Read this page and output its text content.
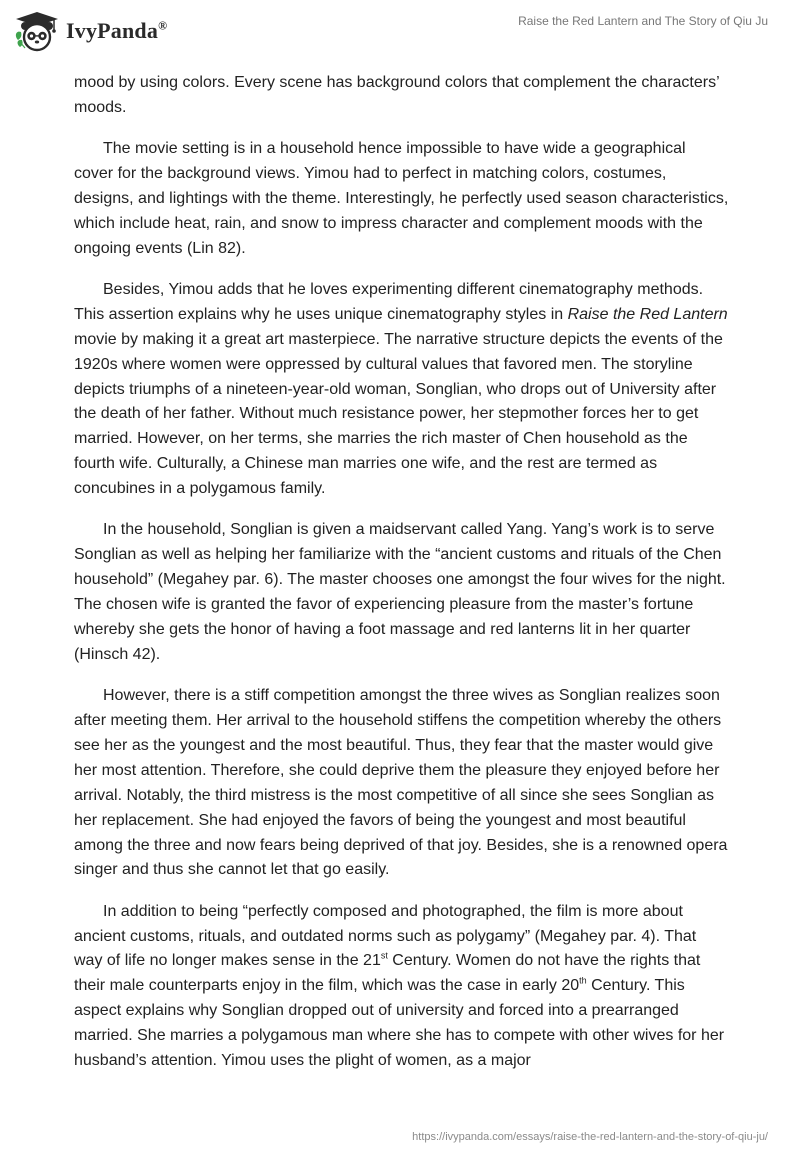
IvyPanda®	Raise the Red Lantern and The Story of Qiu Ju

mood by using colors. Every scene has background colors that complement the characters’ moods.

The movie setting is in a household hence impossible to have wide a geographical cover for the background views. Yimou had to perfect in matching colors, costumes, designs, and lightings with the theme. Interestingly, he perfectly used season characteristics, which include heat, rain, and snow to impress character and complement moods with the ongoing events (Lin 82).

Besides, Yimou adds that he loves experimenting different cinematography methods. This assertion explains why he uses unique cinematography styles in Raise the Red Lantern movie by making it a great art masterpiece. The narrative structure depicts the events of the 1920s where women were oppressed by cultural values that favored men. The storyline depicts triumphs of a nineteen-year-old woman, Songlian, who drops out of University after the death of her father. Without much resistance power, her stepmother forces her to get married. However, on her terms, she marries the rich master of Chen household as the fourth wife. Culturally, a Chinese man marries one wife, and the rest are termed as concubines in a polygamous family.

In the household, Songlian is given a maidservant called Yang. Yang’s work is to serve Songlian as well as helping her familiarize with the “ancient customs and rituals of the Chen household” (Megahey par. 6). The master chooses one amongst the four wives for the night. The chosen wife is granted the favor of experiencing pleasure from the master’s fortune whereby she gets the honor of having a foot massage and red lanterns lit in her quarter (Hinsch 42).

However, there is a stiff competition amongst the three wives as Songlian realizes soon after meeting them. Her arrival to the household stiffens the competition whereby the others see her as the youngest and the most beautiful. Thus, they fear that the master would give her most attention. Therefore, she could deprive them the pleasure they enjoyed before her arrival. Notably, the third mistress is the most competitive of all since she sees Songlian as her replacement. She had enjoyed the favors of being the youngest and most beautiful among the three and now fears being deprived of that joy. Besides, she is a renowned opera singer and thus she cannot let that go easily.

In addition to being “perfectly composed and photographed, the film is more about ancient customs, rituals, and outdated norms such as polygamy” (Megahey par. 4). That way of life no longer makes sense in the 21st Century. Women do not have the rights that their male counterparts enjoy in the film, which was the case in early 20th Century. This aspect explains why Songlian dropped out of university and forced into a prearranged married. She marries a polygamous man where she has to compete with other wives for her husband’s attention. Yimou uses the plight of women, as a major

https://ivypanda.com/essays/raise-the-red-lantern-and-the-story-of-qiu-ju/
